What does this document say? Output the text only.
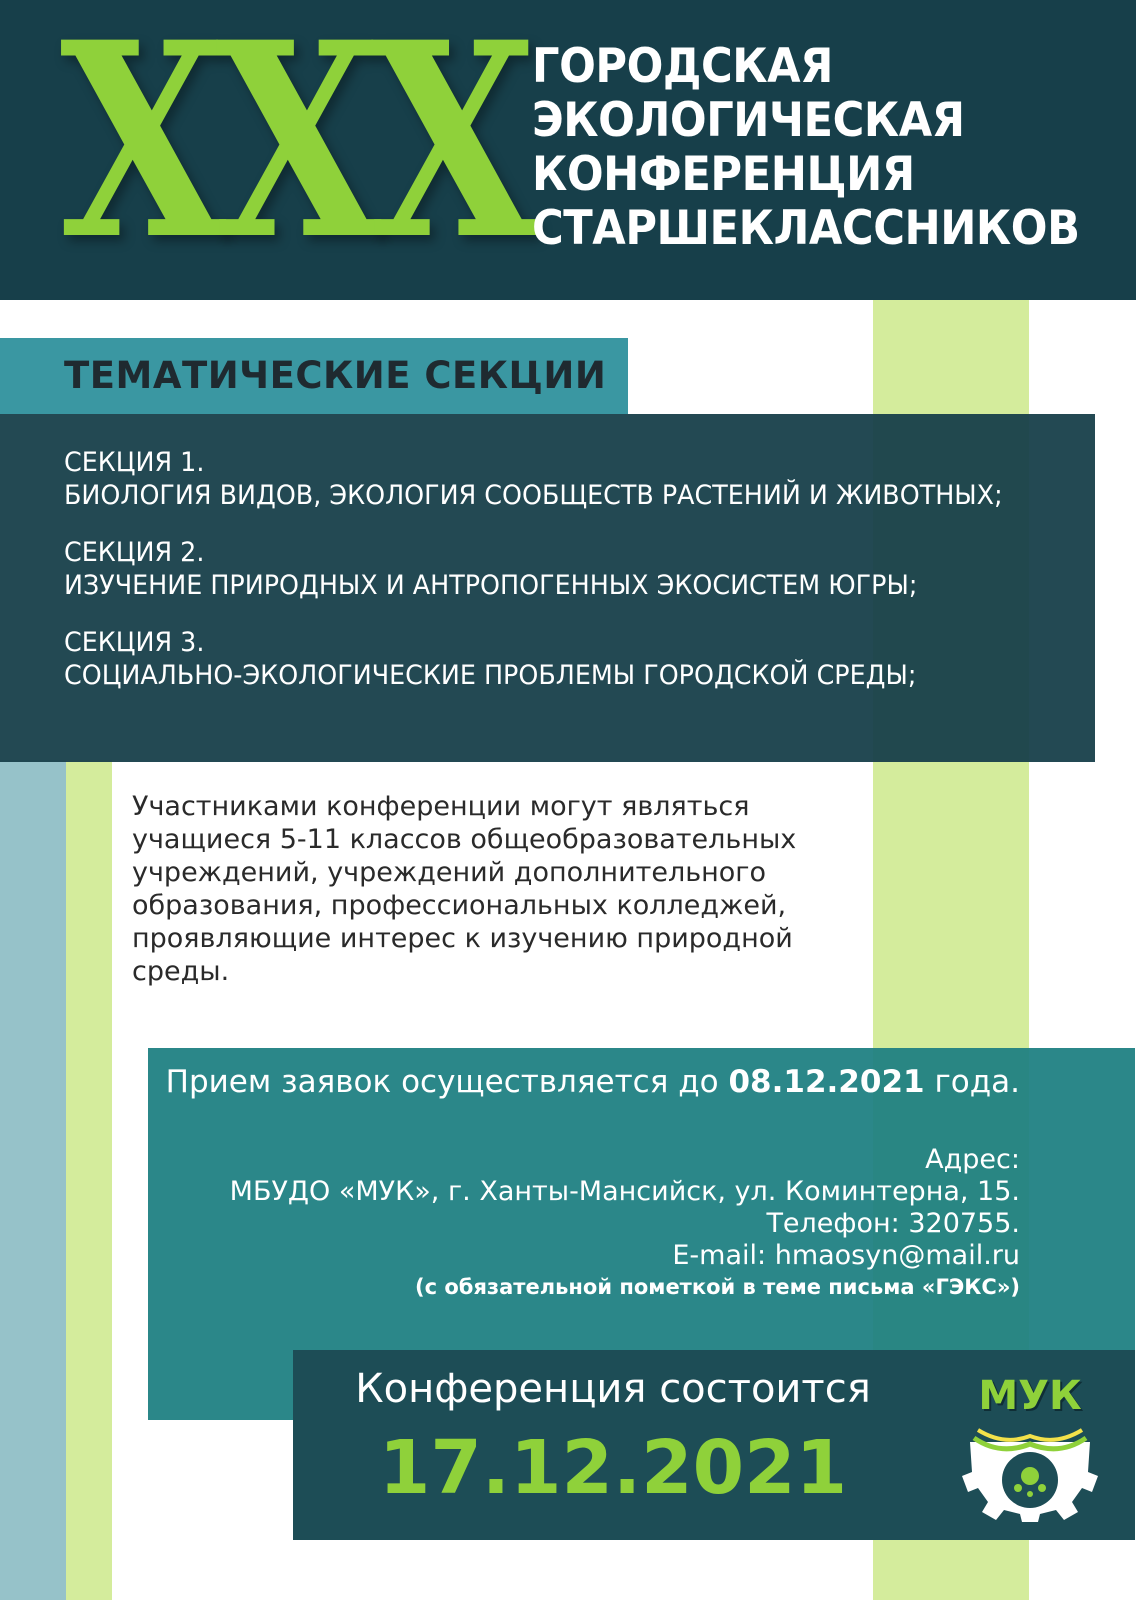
XXX ГОРОДСКАЯ
ЭКОЛОГИЧЕСКАЯ
КОНФЕРЕНЦИЯ
СТАРШЕКЛАССНИКОВ
ТЕМАТИЧЕСКИЕ СЕКЦИИ
СЕКЦИЯ 1.
БИОЛОГИЯ ВИДОВ, ЭКОЛОГИЯ СООБЩЕСТВ РАСТЕНИЙ И ЖИВОТНЫХ;
СЕКЦИЯ 2.
ИЗУЧЕНИЕ ПРИРОДНЫХ И АНТРОПОГЕННЫХ ЭКОСИСТЕМ ЮГРЫ;
СЕКЦИЯ 3.
СОЦИАЛЬНО-ЭКОЛОГИЧЕСКИЕ ПРОБЛЕМЫ ГОРОДСКОЙ СРЕДЫ;
Участниками конференции могут являться учащиеся 5-11 классов общеобразовательных учреждений, учреждений дополнительного образования, профессиональных колледжей, проявляющие интерес к изучению природной среды.
Прием заявок осуществляется до 08.12.2021 года.
Адрес:
МБУДО «МУК», г. Ханты-Мансийск, ул. Коминтерна, 15.
Телефон: 320755.
E-mail: hmaosyn@mail.ru
(с обязательной пометкой в теме письма «ГЭКС»)
Конференция состоится
17.12.2021
МУК
